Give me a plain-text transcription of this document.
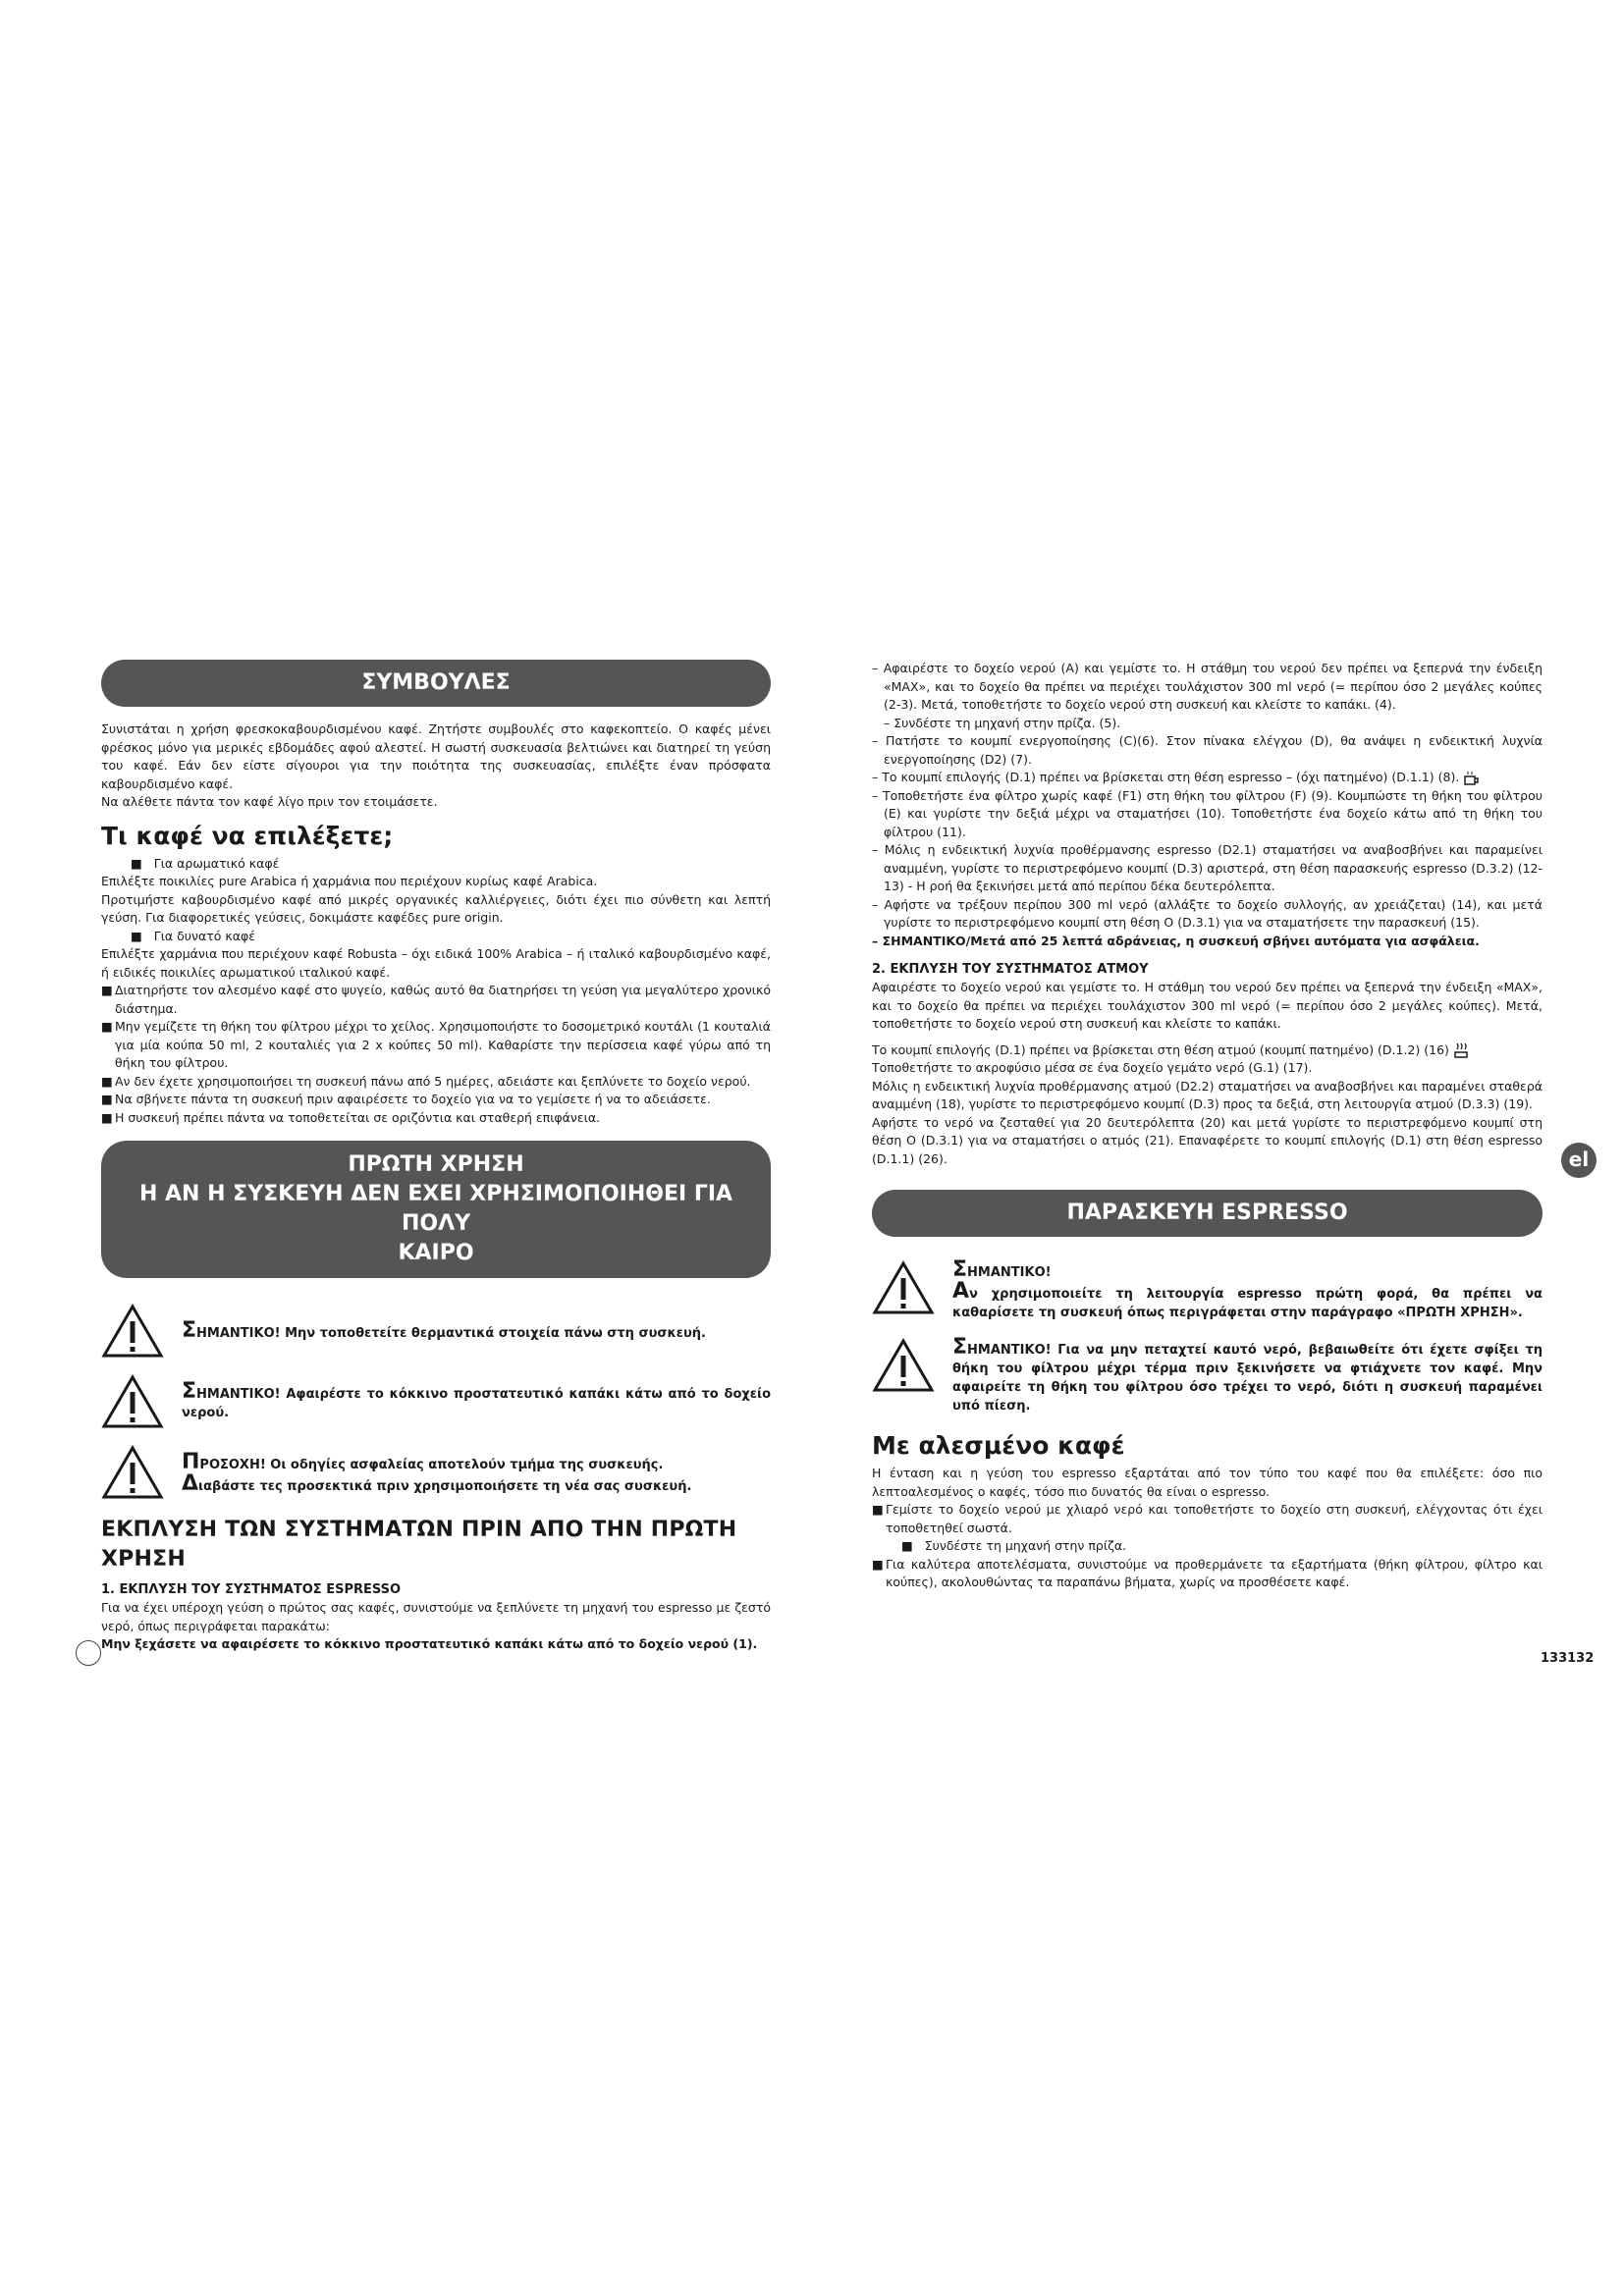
ΣΥΜΒΟΥΛΕΣ

Συνιστάται η χρήση φρεσκοκαβουρδισμένου καφέ. Ζητήστε συμβουλές στο καφεκοπτείο. Ο καφές μένει φρέσκος μόνο για μερικές εβδομάδες αφού αλεστεί. Η σωστή συσκευασία βελτιώνει και διατηρεί τη γεύση του καφέ. Εάν δεν είστε σίγουροι για την ποιότητα της συσκευασίας, επιλέξτε έναν πρόσφατα καβουρδισμένο καφέ.

Να αλέθετε πάντα τον καφέ λίγο πριν τον ετοιμάσετε.

Τι καφέ να επιλέξετε;

■   Για αρωματικό καφέ

Επιλέξτε ποικιλίες pure Arabica ή χαρμάνια που περιέχουν κυρίως καφέ Arabica.

Προτιμήστε καβουρδισμένο καφέ από μικρές οργανικές καλλιέργειες, διότι έχει πιο σύνθετη και λεπτή γεύση. Για διαφορετικές γεύσεις, δοκιμάστε καφέδες pure origin.

■   Για δυνατό καφέ

Επιλέξτε χαρμάνια που περιέχουν καφέ Robusta – όχι ειδικά 100% Arabica – ή ιταλικό καβουρδισμένο καφέ, ή ειδικές ποικιλίες αρωματικού ιταλικού καφέ.

■ Διατηρήστε τον αλεσμένο καφέ στο ψυγείο, καθώς αυτό θα διατηρήσει τη γεύση για μεγαλύτερο χρονικό διάστημα.

■ Μην γεμίζετε τη θήκη του φίλτρου μέχρι το χείλος. Χρησιμοποιήστε το δοσομετρικό κουτάλι (1 κουταλιά για μία κούπα 50 ml, 2 κουταλιές για 2 x κούπες 50 ml). Καθαρίστε την περίσσεια καφέ γύρω από τη θήκη του φίλτρου.

■ Αν δεν έχετε χρησιμοποιήσει τη συσκευή πάνω από 5 ημέρες, αδειάστε και ξεπλύνετε το δοχείο νερού.

■ Να σβήνετε πάντα τη συσκευή πριν αφαιρέσετε το δοχείο για να το γεμίσετε ή να το αδειάσετε.

■ Η συσκευή πρέπει πάντα να τοποθετείται σε οριζόντια και σταθερή επιφάνεια.

ΠΡΩΤΗ ΧΡΗΣΗ
Η ΑΝ Η ΣΥΣΚΕΥΗ ΔΕΝ ΕΧΕΙ ΧΡΗΣΙΜΟΠΟΙΗΘΕΙ ΓΙΑ ΠΟΛΥ
ΚΑΙΡΟ
ΣΗΜΑΝΤΙΚΟ! Μην τοποθετείτε θερμαντικά στοιχεία πάνω στη συσκευή.
ΣΗΜΑΝΤΙΚΟ! Αφαιρέστε το κόκκινο προστατευτικό καπάκι κάτω από το δοχείο νερού.
ΠΡΟΣΟΧΗ! Οι οδηγίες ασφαλείας αποτελούν τμήμα της συσκευής.
Διαβάστε τες προσεκτικά πριν χρησιμοποιήσετε τη νέα σας συσκευή.
ΕΚΠΛΥΣΗ ΤΩΝ ΣΥΣΤΗΜΑΤΩΝ ΠΡΙΝ ΑΠΟ ΤΗΝ ΠΡΩΤΗ ΧΡΗΣΗ
1. ΕΚΠΛΥΣΗ ΤΟΥ ΣΥΣΤΗΜΑΤΟΣ ESPRESSO

Για να έχει υπέροχη γεύση ο πρώτος σας καφές, συνιστούμε να ξεπλύνετε τη μηχανή του espresso με ζεστό νερό, όπως περιγράφεται παρακάτω:

Μην ξεχάσετε να αφαιρέσετε το κόκκινο προστατευτικό καπάκι κάτω από το δοχείο νερού (1).

– Αφαιρέστε το δοχείο νερού (A) και γεμίστε το. Η στάθμη του νερού δεν πρέπει να ξεπερνά την ένδειξη «MAX», και το δοχείο θα πρέπει να περιέχει τουλάχιστον 300 ml νερό (= περίπου όσο 2 μεγάλες κούπες (2-3). Μετά, τοποθετήστε το δοχείο νερού στη συσκευή και κλείστε το καπάκι. (4).

– Συνδέστε τη μηχανή στην πρίζα. (5).

– Πατήστε το κουμπί ενεργοποίησης (C)(6). Στον πίνακα ελέγχου (D), θα ανάψει η ενδεικτική λυχνία ενεργοποίησης (D2) (7).

– Το κουμπί επιλογής (D.1) πρέπει να βρίσκεται στη θέση espresso – (όχι πατημένο) (D.1.1) (8).

– Τοποθετήστε ένα φίλτρο χωρίς καφέ (F1) στη θήκη του φίλτρου (F) (9). Κουμπώστε τη θήκη του φίλτρου (E) και γυρίστε την δεξιά μέχρι να σταματήσει (10). Τοποθετήστε ένα δοχείο κάτω από τη θήκη του φίλτρου (11).

– Μόλις η ενδεικτική λυχνία προθέρμανσης espresso (D2.1) σταματήσει να αναβοσβήνει και παραμείνει αναμμένη, γυρίστε το περιστρεφόμενο κουμπί (D.3) αριστερά, στη θέση παρασκευής espresso (D.3.2) (12-13) - Η ροή θα ξεκινήσει μετά από περίπου δέκα δευτερόλεπτα.

– Αφήστε να τρέξουν περίπου 300 ml νερό (αλλάξτε το δοχείο συλλογής, αν χρειάζεται) (14), και μετά γυρίστε το περιστρεφόμενο κουμπί στη θέση O (D.3.1) για να σταματήσετε την παρασκευή (15).

– ΣΗΜΑΝΤΙΚΟ/Μετά από 25 λεπτά αδράνειας, η συσκευή σβήνει αυτόματα για ασφάλεια.

2. ΕΚΠΛΥΣΗ ΤΟΥ ΣΥΣΤΗΜΑΤΟΣ ΑΤΜΟΥ

Αφαιρέστε το δοχείο νερού και γεμίστε το. Η στάθμη του νερού δεν πρέπει να ξεπερνά την ένδειξη «MAX», και το δοχείο θα πρέπει να περιέχει τουλάχιστον 300 ml νερό (= περίπου όσο 2 μεγάλες κούπες). Μετά, τοποθετήστε το δοχείο νερού στη συσκευή και κλείστε το καπάκι.

Το κουμπί επιλογής (D.1) πρέπει να βρίσκεται στη θέση ατμού (κουμπί πατημένο) (D.1.2) (16)

Τοποθετήστε το ακροφύσιο μέσα σε ένα δοχείο γεμάτο νερό (G.1) (17).

Μόλις η ενδεικτική λυχνία προθέρμανσης ατμού (D2.2) σταματήσει να αναβοσβήνει και παραμένει σταθερά αναμμένη (18), γυρίστε το περιστρεφόμενο κουμπί (D.3) προς τα δεξιά, στη λειτουργία ατμού (D.3.3) (19).

Αφήστε το νερό να ζεσταθεί για 20 δευτερόλεπτα (20) και μετά γυρίστε το περιστρεφόμενο κουμπί στη θέση O (D.3.1) για να σταματήσει ο ατμός (21). Επαναφέρετε το κουμπί επιλογής (D.1) στη θέση espresso (D.1.1) (26).

ΠΑΡΑΣΚΕΥΗ ESPRESSO
ΣΗΜΑΝΤΙΚΟ!
Αν χρησιμοποιείτε τη λειτουργία espresso πρώτη φορά, θα πρέπει να καθαρίσετε τη συσκευή όπως περιγράφεται στην παράγραφο «ΠΡΩΤΗ ΧΡΗΣΗ».
ΣΗΜΑΝΤΙΚΟ! Για να μην πεταχτεί καυτό νερό, βεβαιωθείτε ότι έχετε σφίξει τη θήκη του φίλτρου μέχρι τέρμα πριν ξεκινήσετε να φτιάχνετε τον καφέ. Μην αφαιρείτε τη θήκη του φίλτρου όσο τρέχει το νερό, διότι η συσκευή παραμένει υπό πίεση.
Με αλεσμένο καφέ

Η ένταση και η γεύση του espresso εξαρτάται από τον τύπο του καφέ που θα επιλέξετε: όσο πιο λεπτοαλεσμένος ο καφές, τόσο πιο δυνατός θα είναι ο espresso.

■ Γεμίστε το δοχείο νερού με χλιαρό νερό και τοποθετήστε το δοχείο στη συσκευή, ελέγχοντας ότι έχει τοποθετηθεί σωστά.

■   Συνδέστε τη μηχανή στην πρίζα.

■ Για καλύτερα αποτελέσματα, συνιστούμε να προθερμάνετε τα εξαρτήματα (θήκη φίλτρου, φίλτρο και κούπες), ακολουθώντας τα παραπάνω βήματα, χωρίς να προσθέσετε καφέ.

el
133132
